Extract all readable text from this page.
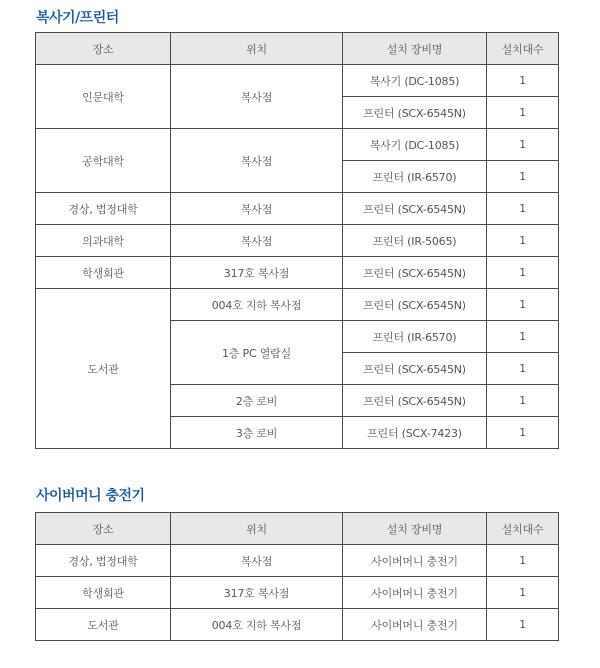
복사기/프린터
장소	위치	설치 장비명	설치대수
인문대학	복사점	복사기 (DC-1085)	1
		프린터 (SCX-6545N)	1
공학대학	복사점	복사기 (DC-1085)	1
		프린터 (IR-6570)	1
경상, 법정대학	복사점	프린터 (SCX-6545N)	1
의과대학	복사점	프린터 (IR-5065)	1
학생회관	317호 복사점	프린터 (SCX-6545N)	1
도서관	004호 지하 복사점	프린터 (SCX-6545N)	1
	1층 PC 열람실	프린터 (IR-6570)	1
		프린터 (SCX-6545N)	1
	2층 로비	프린터 (SCX-6545N)	1
	3층 로비	프린터 (SCX-7423)	1
사이버머니 충전기
장소	위치	설치 장비명	설치대수
경상, 법정대학	복사점	사이버머니 충전기	1
학생회관	317호 복사점	사이버머니 충전기	1
도서관	004호 지하 복사점	사이버머니 충전기	1
